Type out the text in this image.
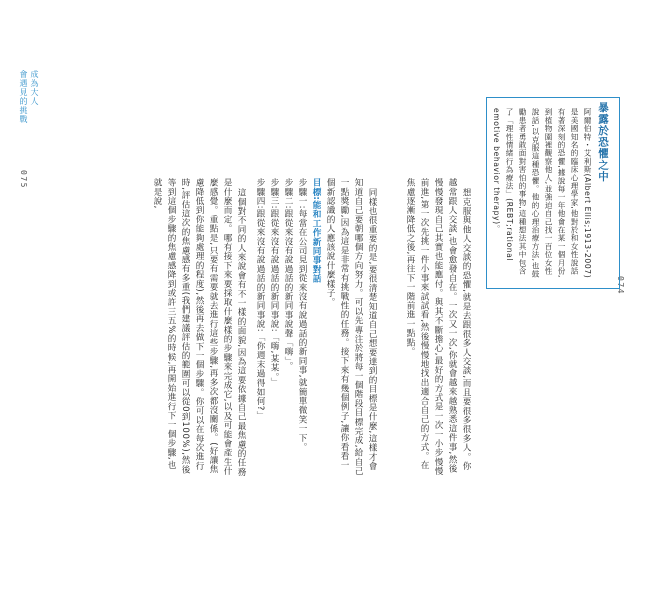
成為大人
會遇見的挑戰
075
074
暴露於恐懼之中

阿爾伯特・艾利斯(Albert Ellis;1913-2007)是美國知名的臨床心理學家,他對於和女性說話有著深刻的恐懼,據說每一年他會在某一個月份,到植物園裡觀察他人,並強迫自己找一百位女性說話,以克服這種恐懼。他的心理治療方法,也鼓勵患者勇敢面對害怕的事物,這種想法其中包含了「理性情緒行為療法」(REBT;rational emotive behavior therapy)。

想克服與他人交談的恐懼,就是去跟很多人交談,而且要很多很多人。你越常跟人交談,也會愈發自在。一次又一次,你就會越來越熟悉這件事,然後慢慢發現自己其實也能應付。與其不斷擔心,最好的方式是一次一小步慢慢前進,第一次先挑一件小事來試試看,然後慢慢地找出適合自己的方式。在焦慮逐漸降低之後,再往下一階前進一點點。

同樣也很重要的是,要很清楚知道自己想要達到的目標是什麼,這樣才會知道自己要朝哪個方向努力。可以先專注於將每一個階段目標完成,給自己一點獎勵,因為這是非常有挑戰性的任務。接下來有幾個例子,讓你看看一個新認識的人應該說什麼樣子。

目標:能和工作新同事對話

步驟一:每當在公司見到從來沒有說過話的新同事,就簡單微笑一下。

步驟二:跟從來沒有說過話的新同事說聲「嗨」。

步驟三:跟從來沒有說過話的新同事說:「嗨,某某。」

步驟四:跟從來沒有說過話的新同事說:「你週末過得如何?」

這個對不同的人來說會有不一樣的面貌,因為這要依據自己最焦慮的任務是什麼而定。哪有接下來要採取什麼樣的步驟來完成它,以及可能會產生什麼感覺。重點是,只要有需要就去進行這些步驟,再多次都沒關係。(好讓焦慮降低到你能夠處理的程度),然後再去做下一個步驟。你可以在每次進行時,評估這次的焦慮感有多重(我們建議評估的範圍可以從0到100%),然後等到這個步驟的焦慮感降到或許三五%的時候,再開始進行下一個步驟,也就是說,
